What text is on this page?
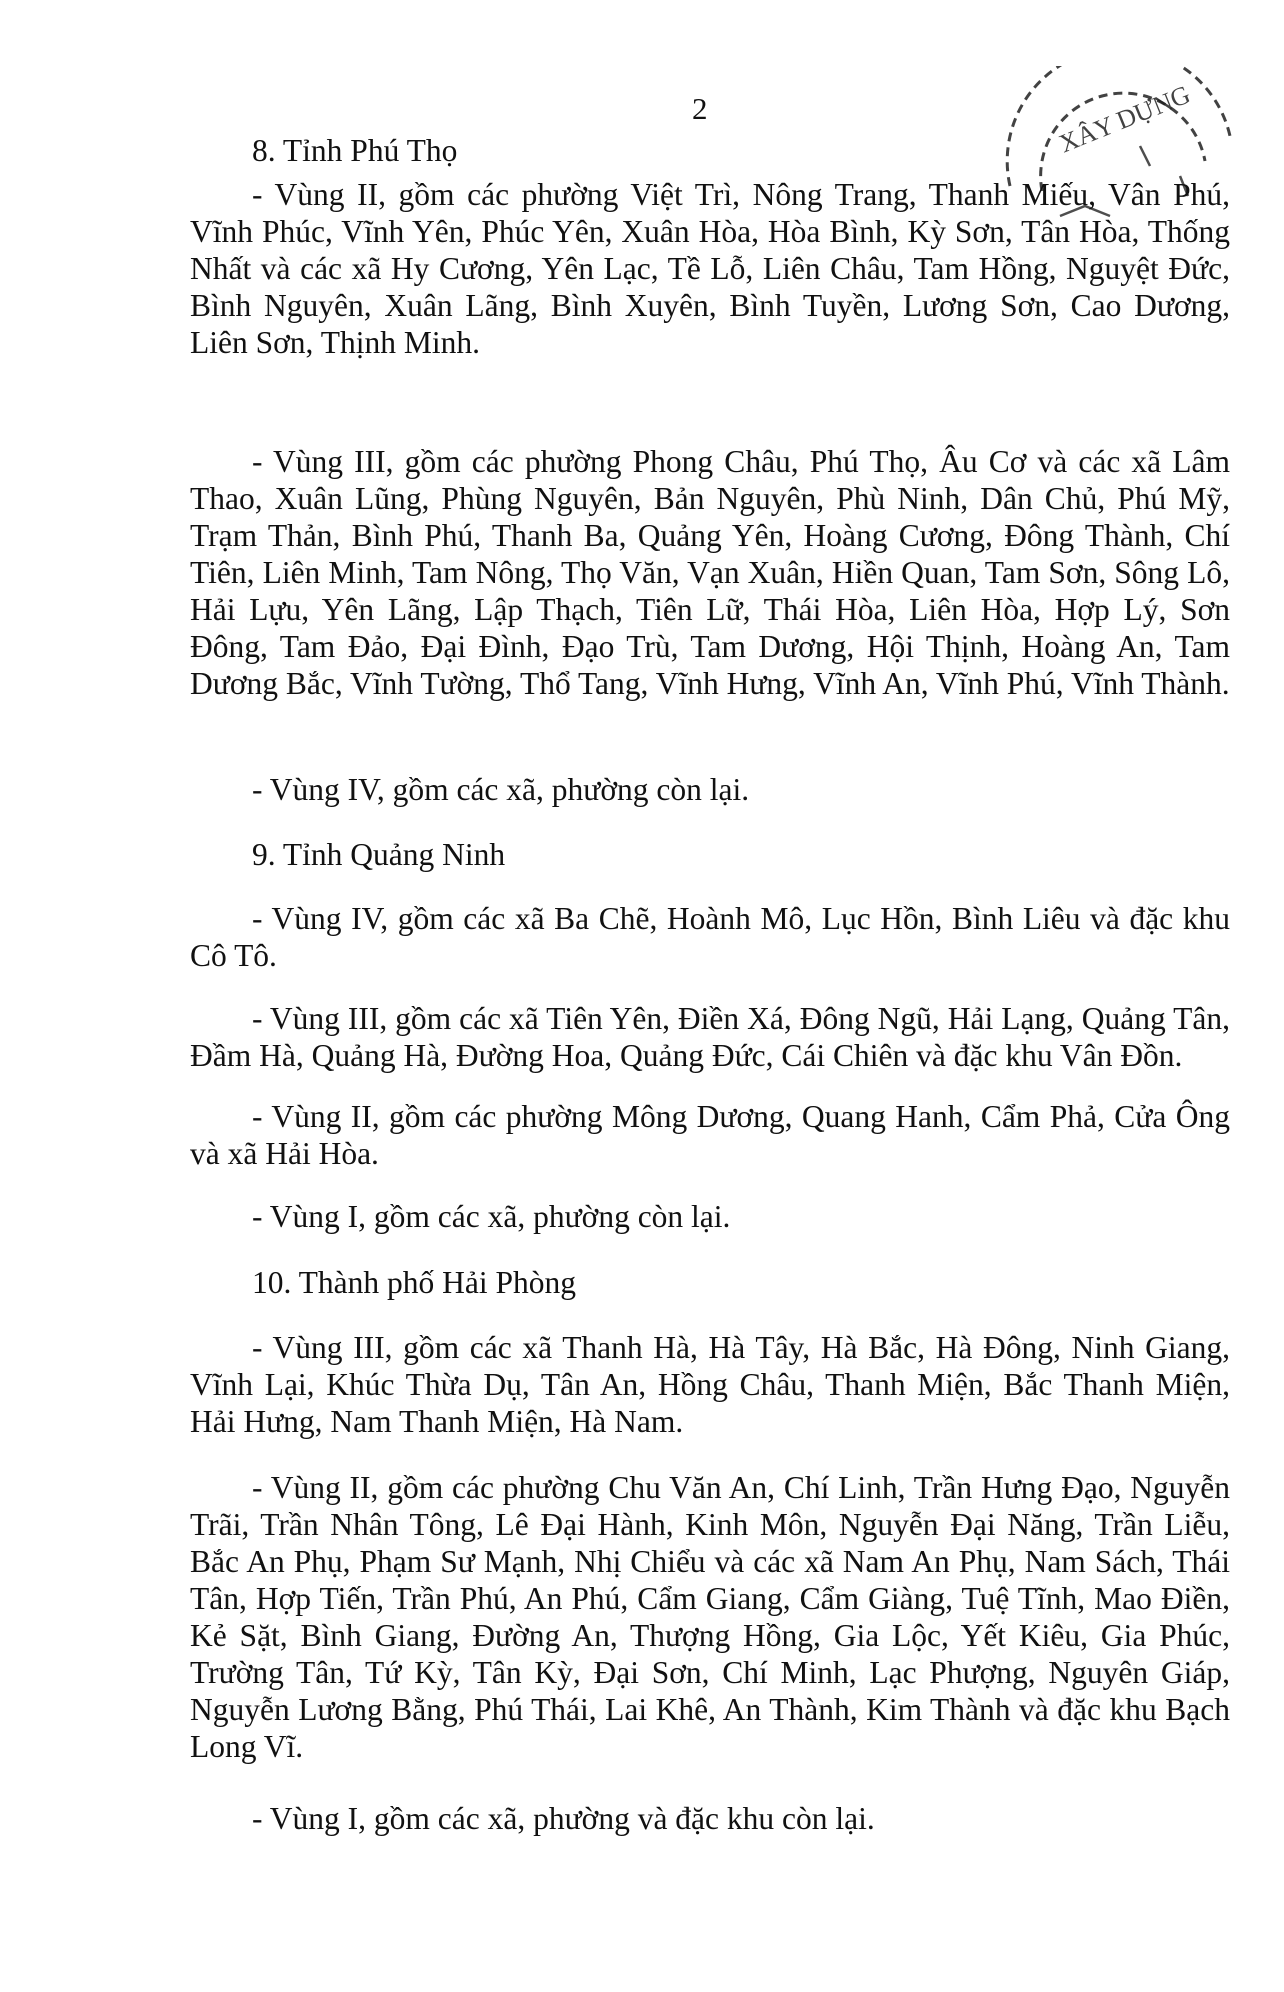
2	XÂY DỰNG
8. Tỉnh Phú Thọ
- Vùng II, gồm các phường Việt Trì, Nông Trang, Thanh Miếu, Vân Phú, Vĩnh Phúc, Vĩnh Yên, Phúc Yên, Xuân Hòa, Hòa Bình, Kỳ Sơn, Tân Hòa, Thống Nhất và các xã Hy Cương, Yên Lạc, Tề Lỗ, Liên Châu, Tam Hồng, Nguyệt Đức, Bình Nguyên, Xuân Lãng, Bình Xuyên, Bình Tuyền, Lương Sơn, Cao Dương, Liên Sơn, Thịnh Minh.
- Vùng III, gồm các phường Phong Châu, Phú Thọ, Âu Cơ và các xã Lâm Thao, Xuân Lũng, Phùng Nguyên, Bản Nguyên, Phù Ninh, Dân Chủ, Phú Mỹ, Trạm Thản, Bình Phú, Thanh Ba, Quảng Yên, Hoàng Cương, Đông Thành, Chí Tiên, Liên Minh, Tam Nông, Thọ Văn, Vạn Xuân, Hiền Quan, Tam Sơn, Sông Lô, Hải Lựu, Yên Lãng, Lập Thạch, Tiên Lữ, Thái Hòa, Liên Hòa, Hợp Lý, Sơn Đông, Tam Đảo, Đại Đình, Đạo Trù, Tam Dương, Hội Thịnh, Hoàng An, Tam Dương Bắc, Vĩnh Tường, Thổ Tang, Vĩnh Hưng, Vĩnh An, Vĩnh Phú, Vĩnh Thành.
- Vùng IV, gồm các xã, phường còn lại.
9. Tỉnh Quảng Ninh
- Vùng IV, gồm các xã Ba Chẽ, Hoành Mô, Lục Hồn, Bình Liêu và đặc khu Cô Tô.
- Vùng III, gồm các xã Tiên Yên, Điền Xá, Đông Ngũ, Hải Lạng, Quảng Tân, Đầm Hà, Quảng Hà, Đường Hoa, Quảng Đức, Cái Chiên và đặc khu Vân Đồn.
- Vùng II, gồm các phường Mông Dương, Quang Hanh, Cẩm Phả, Cửa Ông và xã Hải Hòa.
- Vùng I, gồm các xã, phường còn lại.
10. Thành phố Hải Phòng
- Vùng III, gồm các xã Thanh Hà, Hà Tây, Hà Bắc, Hà Đông, Ninh Giang, Vĩnh Lại, Khúc Thừa Dụ, Tân An, Hồng Châu, Thanh Miện, Bắc Thanh Miện, Hải Hưng, Nam Thanh Miện, Hà Nam.
- Vùng II, gồm các phường Chu Văn An, Chí Linh, Trần Hưng Đạo, Nguyễn Trãi, Trần Nhân Tông, Lê Đại Hành, Kinh Môn, Nguyễn Đại Năng, Trần Liễu, Bắc An Phụ, Phạm Sư Mạnh, Nhị Chiểu và các xã Nam An Phụ, Nam Sách, Thái Tân, Hợp Tiến, Trần Phú, An Phú, Cẩm Giang, Cẩm Giàng, Tuệ Tĩnh, Mao Điền, Kẻ Sặt, Bình Giang, Đường An, Thượng Hồng, Gia Lộc, Yết Kiêu, Gia Phúc, Trường Tân, Tứ Kỳ, Tân Kỳ, Đại Sơn, Chí Minh, Lạc Phượng, Nguyên Giáp, Nguyễn Lương Bằng, Phú Thái, Lai Khê, An Thành, Kim Thành và đặc khu Bạch Long Vĩ.
- Vùng I, gồm các xã, phường và đặc khu còn lại.
